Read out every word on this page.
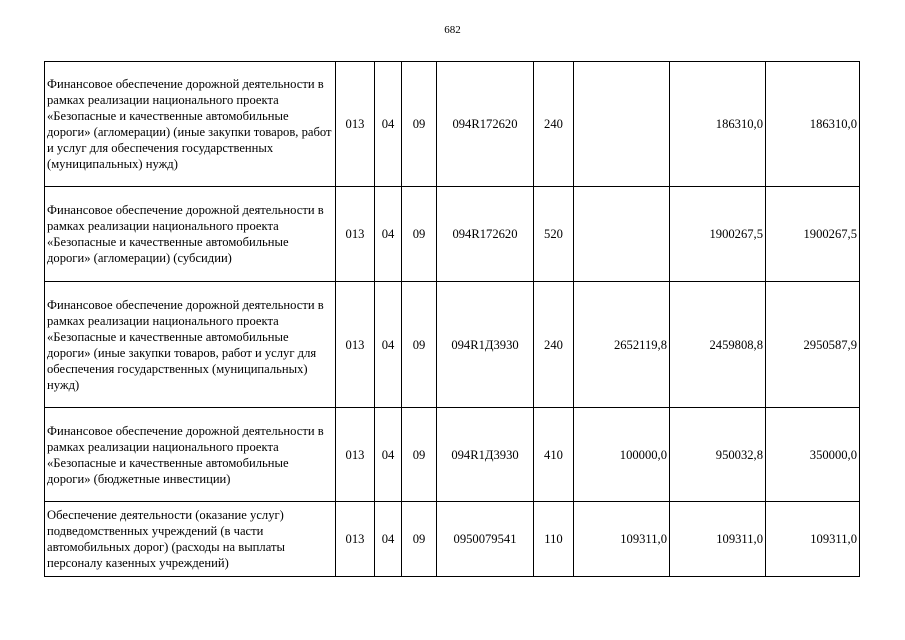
682
Финансовое обеспечение дорожной деятельности в рамках реализации национального проекта «Безопасные и качественные автомобильные дороги» (агломерации) (иные закупки товаров, работ и услуг для обеспечения государственных (муниципальных) нужд)	013	04	09	094R172620	240		186310,0	186310,0
Финансовое обеспечение дорожной деятельности в рамках реализации национального проекта «Безопасные и качественные автомобильные дороги» (агломерации) (субсидии)	013	04	09	094R172620	520		1900267,5	1900267,5
Финансовое обеспечение дорожной деятельности в рамках реализации национального проекта «Безопасные и качественные автомобильные дороги» (иные закупки товаров, работ и услуг для обеспечения государственных (муниципальных) нужд)	013	04	09	094R1Д3930	240	2652119,8	2459808,8	2950587,9
Финансовое обеспечение дорожной деятельности в рамках реализации национального проекта «Безопасные и качественные автомобильные дороги» (бюджетные инвестиции)	013	04	09	094R1Д3930	410	100000,0	950032,8	350000,0
Обеспечение деятельности (оказание услуг) подведомственных учреждений (в части автомобильных дорог) (расходы на выплаты персоналу казенных учреждений)	013	04	09	0950079541	110	109311,0	109311,0	109311,0
